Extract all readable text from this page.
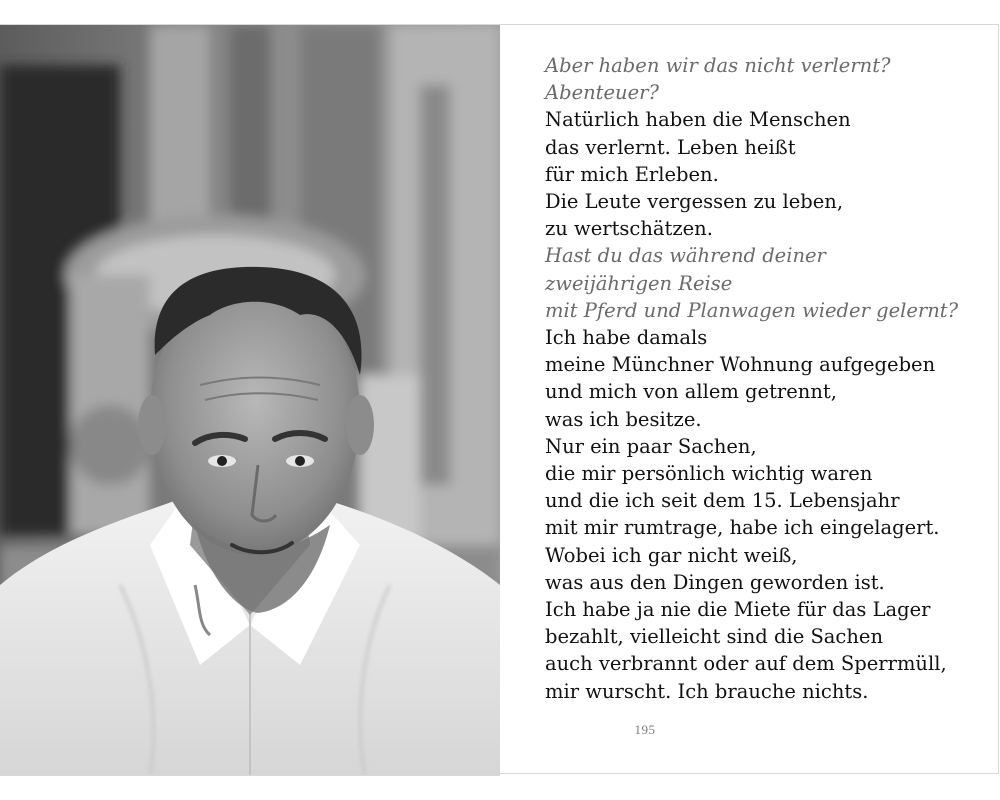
Aber haben wir das nicht verlernt?
Abenteuer?
Natürlich haben die Menschen
das verlernt. Leben heißt
für mich Erleben.
Die Leute vergessen zu leben,
zu wertschätzen.
Hast du das während deiner
zweijährigen Reise
mit Pferd und Planwagen wieder gelernt?
Ich habe damals
meine Münchner Wohnung aufgegeben
und mich von allem getrennt,
was ich besitze.
Nur ein paar Sachen,
die mir persönlich wichtig waren
und die ich seit dem 15. Lebensjahr
mit mir rumtrage, habe ich eingelagert.
Wobei ich gar nicht weiß,
was aus den Dingen geworden ist.
Ich habe ja nie die Miete für das Lager
bezahlt, vielleicht sind die Sachen
auch verbrannt oder auf dem Sperrmüll,
mir wurscht. Ich brauche nichts.
195
